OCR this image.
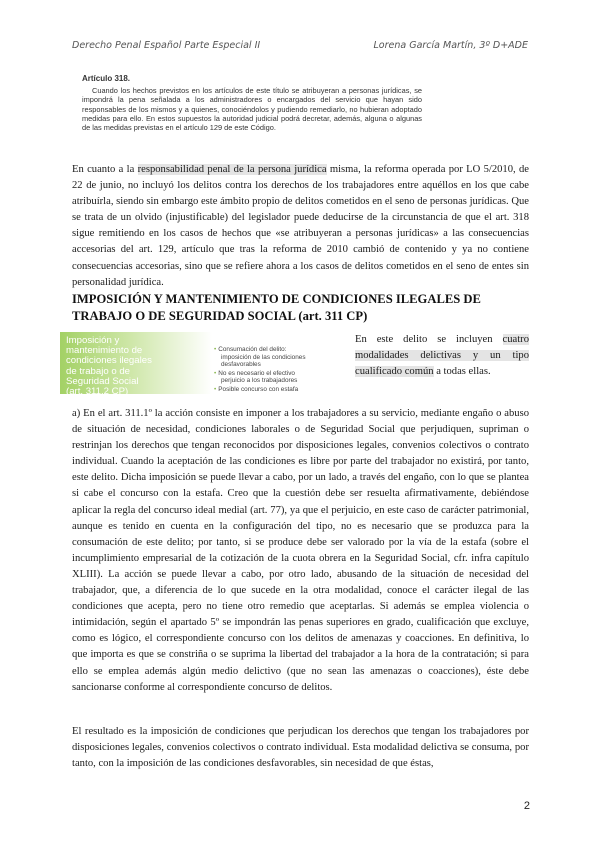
Derecho Penal Español Parte Especial II	Lorena García Martín, 3º D+ADE
Artículo 318.
Cuando los hechos previstos en los artículos de este título se atribuyeran a personas jurídicas, se impondrá la pena señalada a los administradores o encargados del servicio que hayan sido responsables de los mismos y a quienes, conociéndolos y pudiendo remediarlo, no hubieran adoptado medidas para ello. En estos supuestos la autoridad judicial podrá decretar, además, alguna o algunas de las medidas previstas en el artículo 129 de este Código.
En cuanto a la responsabilidad penal de la persona jurídica misma, la reforma operada por LO 5/2010, de 22 de junio, no incluyó los delitos contra los derechos de los trabajadores entre aquéllos en los que cabe atribuírla, siendo sin embargo este ámbito propio de delitos cometidos en el seno de personas jurídicas. Que se trata de un olvido (injustificable) del legislador puede deducirse de la circunstancia de que el art. 318 sigue remitiendo en los casos de hechos que «se atribuyeran a personas jurídicas» a las consecuencias accesorias del art. 129, artículo que tras la reforma de 2010 cambió de contenido y ya no contiene consecuencias accesorias, sino que se refiere ahora a los casos de delitos cometidos en el seno de entes sin personalidad jurídica.
IMPOSICIÓN Y MANTENIMIENTO DE CONDICIONES ILEGALES DE TRABAJO O DE SEGURIDAD SOCIAL (art. 311 CP)
Imposición y
mantenimiento de
condiciones ilegales
de trabajo o de
Seguridad Social
(art. 311.2 CP)
• Consumación del delito:
imposición de las condiciones
desfavorables
• No es necesario el efectivo
perjuicio a los trabajadores
• Posible concurso con estafa
En este delito se incluyen cuatro modalidades delictivas y un tipo cualificado común a todas ellas.
a) En el art. 311.1º la acción consiste en imponer a los trabajadores a su servicio, mediante engaño o abuso de situación de necesidad, condiciones laborales o de Seguridad Social que perjudiquen, supriman o restrinjan los derechos que tengan reconocidos por disposiciones legales, convenios colectivos o contrato individual. Cuando la aceptación de las condiciones es libre por parte del trabajador no existirá, por tanto, este delito. Dicha imposición se puede llevar a cabo, por un lado, a través del engaño, con lo que se plantea si cabe el concurso con la estafa. Creo que la cuestión debe ser resuelta afirmativamente, debiéndose aplicar la regla del concurso ideal medial (art. 77), ya que el perjuicio, en este caso de carácter patrimonial, aunque es tenido en cuenta en la configuración del tipo, no es necesario que se produzca para la consumación de este delito; por tanto, si se produce debe ser valorado por la vía de la estafa (sobre el incumplimiento empresarial de la cotización de la cuota obrera en la Seguridad Social, cfr. infra capítulo XLIII). La acción se puede llevar a cabo, por otro lado, abusando de la situación de necesidad del trabajador, que, a diferencia de lo que sucede en la otra modalidad, conoce el carácter ilegal de las condiciones que acepta, pero no tiene otro remedio que aceptarlas. Si además se emplea violencia o intimidación, según el apartado 5º se impondrán las penas superiores en grado, cualificación que excluye, como es lógico, el correspondiente concurso con los delitos de amenazas y coacciones. En definitiva, lo que importa es que se constriña o se suprima la libertad del trabajador a la hora de la contratación; si para ello se emplea además algún medio delictivo (que no sean las amenazas o coacciones), éste debe sancionarse conforme al correspondiente concurso de delitos.
El resultado es la imposición de condiciones que perjudican los derechos que tengan los trabajadores por disposiciones legales, convenios colectivos o contrato individual. Esta modalidad delictiva se consuma, por tanto, con la imposición de las condiciones desfavorables, sin necesidad de que éstas,
2
